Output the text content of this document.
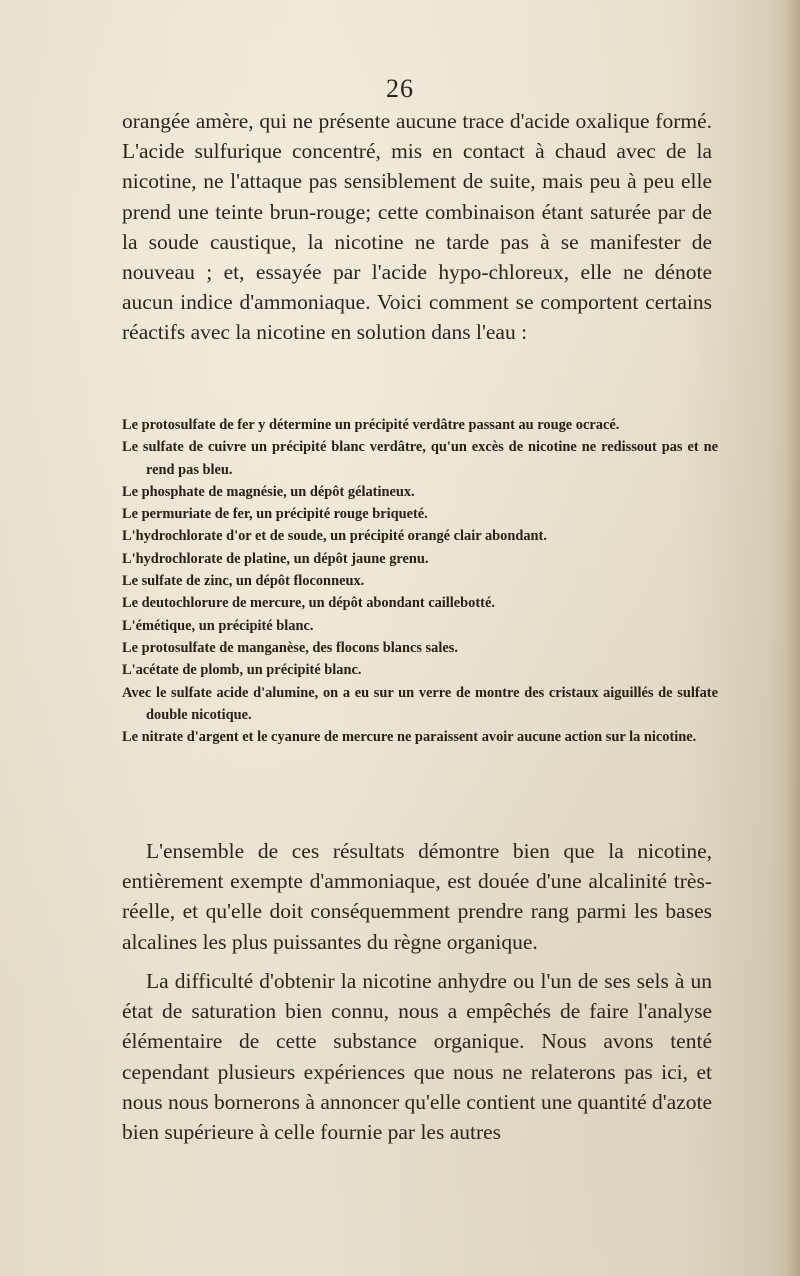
26

orangée amère, qui ne présente aucune trace d'acide oxalique formé. L'acide sulfurique concentré, mis en contact à chaud avec de la nicotine, ne l'attaque pas sensiblement de suite, mais peu à peu elle prend une teinte brun-rouge; cette combinaison étant saturée par de la soude caustique, la nicotine ne tarde pas à se manifester de nouveau ; et, essayée par l'acide hypo-chloreux, elle ne dénote aucun indice d'ammoniaque. Voici comment se comportent certains réactifs avec la nicotine en solution dans l'eau :

Le protosulfate de fer y détermine un précipité verdâtre passant au rouge ocracé.
Le sulfate de cuivre un précipité blanc verdâtre, qu'un excès de nicotine ne redissout pas et ne rend pas bleu.
Le phosphate de magnésie, un dépôt gélatineux.
Le permuriate de fer, un précipité rouge briqueté.
L'hydrochlorate d'or et de soude, un précipité orangé clair abondant.
L'hydrochlorate de platine, un dépôt jaune grenu.
Le sulfate de zinc, un dépôt floconneux.
Le deutochlorure de mercure, un dépôt abondant caillebotté.
L'émétique, un précipité blanc.
Le protosulfate de manganèse, des flocons blancs sales.
L'acétate de plomb, un précipité blanc.
Avec le sulfate acide d'alumine, on a eu sur un verre de montre des cristaux aiguillés de sulfate double nicotique.
Le nitrate d'argent et le cyanure de mercure ne paraissent avoir aucune action sur la nicotine.

L'ensemble de ces résultats démontre bien que la nicotine, entièrement exempte d'ammoniaque, est douée d'une alcalinité très-réelle, et qu'elle doit conséquemment prendre rang parmi les bases alcalines les plus puissantes du règne organique.

La difficulté d'obtenir la nicotine anhydre ou l'un de ses sels à un état de saturation bien connu, nous a empêchés de faire l'analyse élémentaire de cette substance organique. Nous avons tenté cependant plusieurs expériences que nous ne relaterons pas ici, et nous nous bornerons à annoncer qu'elle contient une quantité d'azote bien supérieure à celle fournie par les autres
